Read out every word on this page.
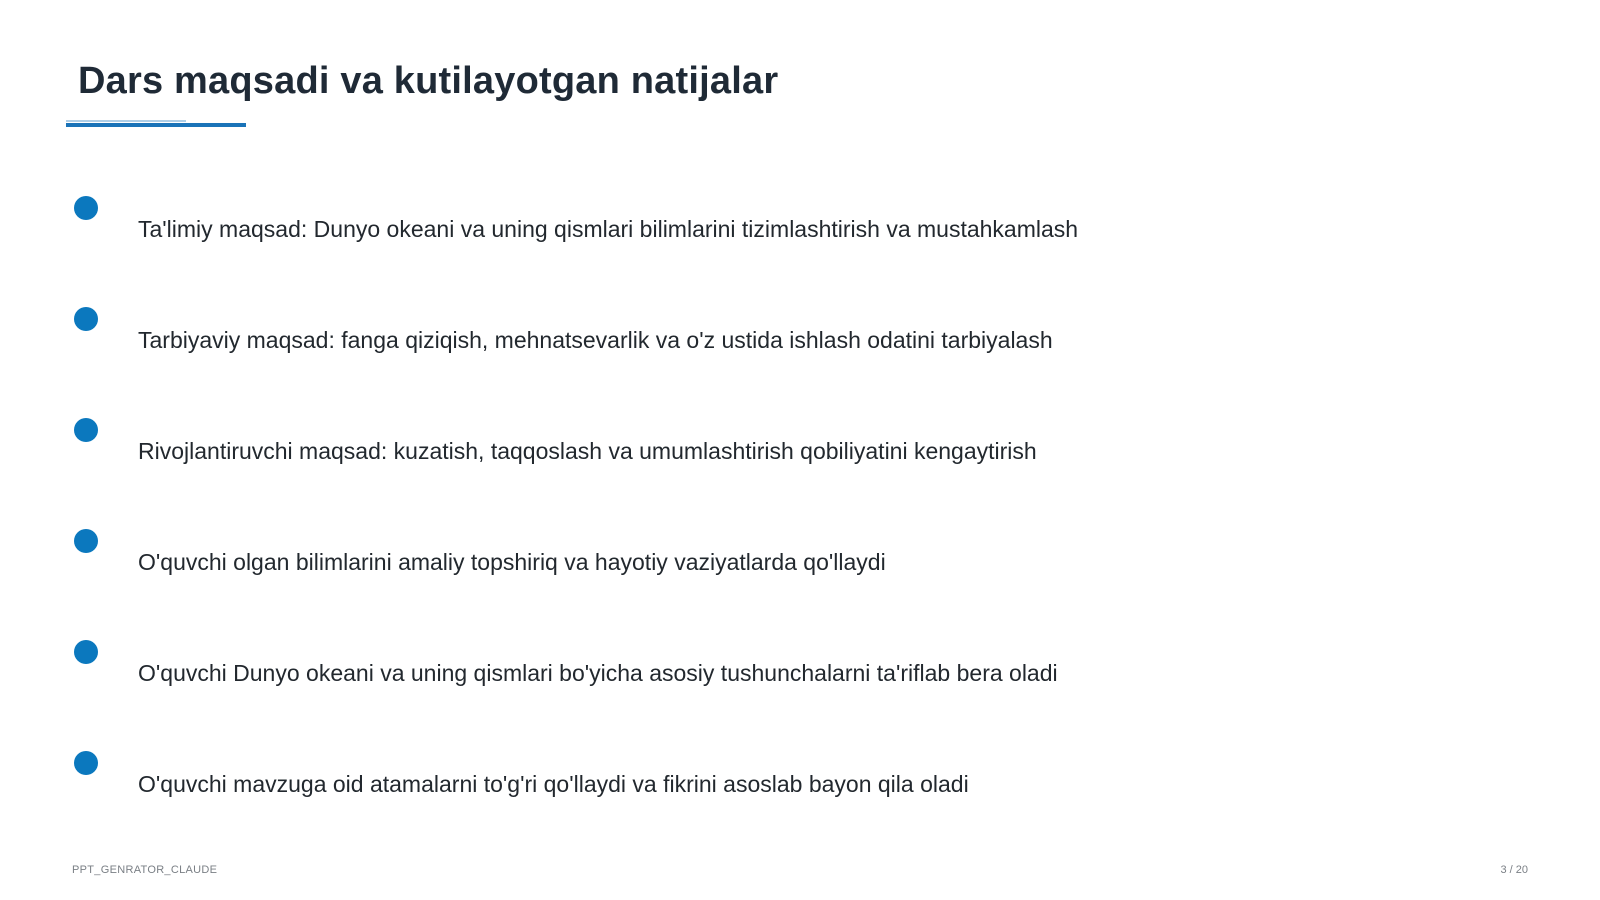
Dars maqsadi va kutilayotgan natijalar
Ta'limiy maqsad: Dunyo okeani va uning qismlari bilimlarini tizimlashtirish va mustahkamlash
Tarbiyaviy maqsad: fanga qiziqish, mehnatsevarlik va o'z ustida ishlash odatini tarbiyalash
Rivojlantiruvchi maqsad: kuzatish, taqqoslash va umumlashtirish qobiliyatini kengaytirish
O'quvchi olgan bilimlarini amaliy topshiriq va hayotiy vaziyatlarda qo'llaydi
O'quvchi Dunyo okeani va uning qismlari bo'yicha asosiy tushunchalarni ta'riflab bera oladi
O'quvchi mavzuga oid atamalarni to'g'ri qo'llaydi va fikrini asoslab bayon qila oladi
PPT_GENRATOR_CLAUDE	3 / 20
